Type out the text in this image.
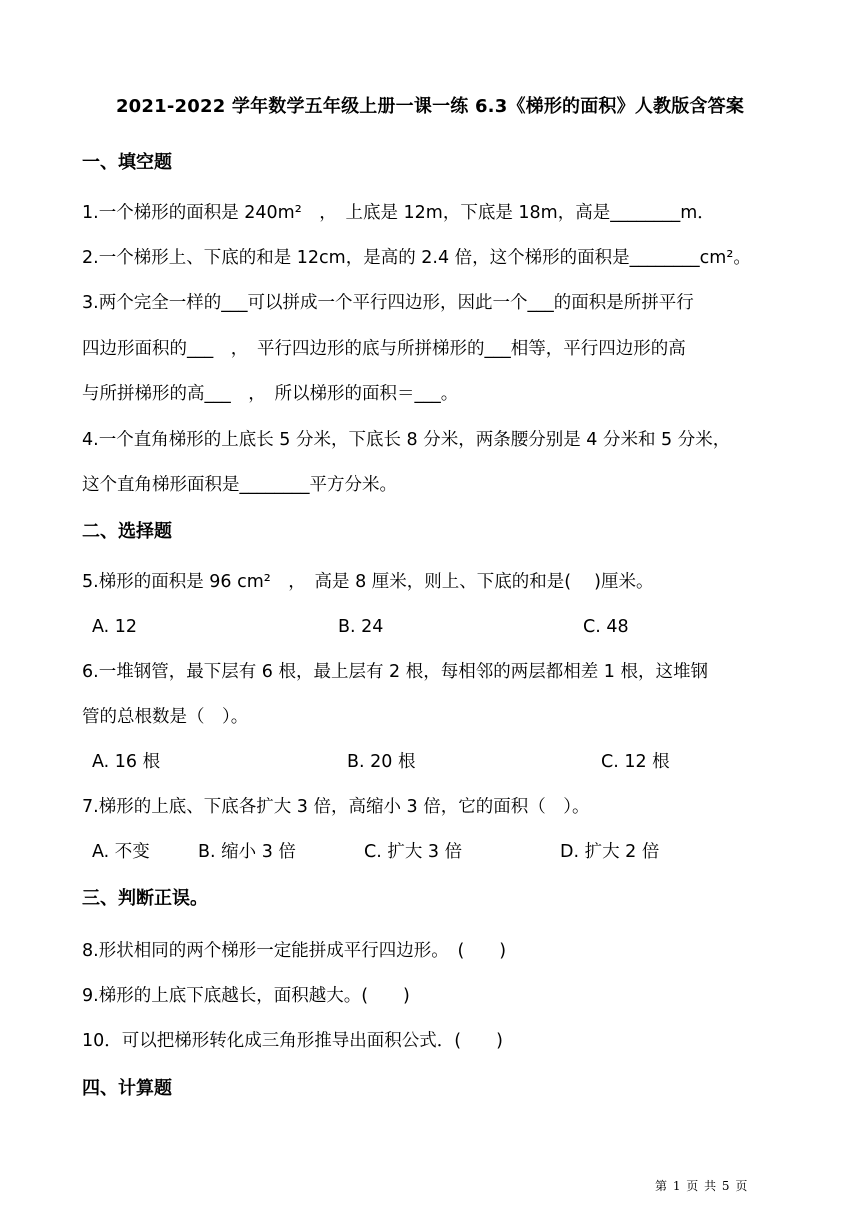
2021-2022 学年数学五年级上册一课一练 6.3《梯形的面积》人教版含答案
一、填空题
1.一个梯形的面积是 240m²　，　上底是 12m，下底是 18m，高是________m．
2.一个梯形上、下底的和是 12cm，是高的 2.4 倍，这个梯形的面积是________cm²。
3.两个完全一样的___可以拼成一个平行四边形，因此一个___的面积是所拼平行
四边形面积的___　，　平行四边形的底与所拼梯形的___相等，平行四边形的高
与所拼梯形的高___　，　所以梯形的面积＝___。
4.一个直角梯形的上底长 5 分米，下底长 8 分米，两条腰分别是 4 分米和 5 分米，
这个直角梯形面积是________平方分米。
二、选择题
5.梯形的面积是 96 cm²　，　高是 8 厘米，则上、下底的和是(　 )厘米。
A. 12	B. 24	C. 48
6.一堆钢管，最下层有 6 根，最上层有 2 根，每相邻的两层都相差 1 根，这堆钢
管的总根数是（　）。
A. 16 根	B. 20 根	C. 12 根
7.梯形的上底、下底各扩大 3 倍，高缩小 3 倍，它的面积（　）。
A. 不变	B. 缩小 3 倍	C. 扩大 3 倍	D. 扩大 2 倍
三、判断正误。
8.形状相同的两个梯形一定能拼成平行四边形。　(　　)
9.梯形的上底下底越长，面积越大。(　　)
10．可以把梯形转化成三角形推导出面积公式．(　　)
四、计算题
第 1 页 共 5 页
